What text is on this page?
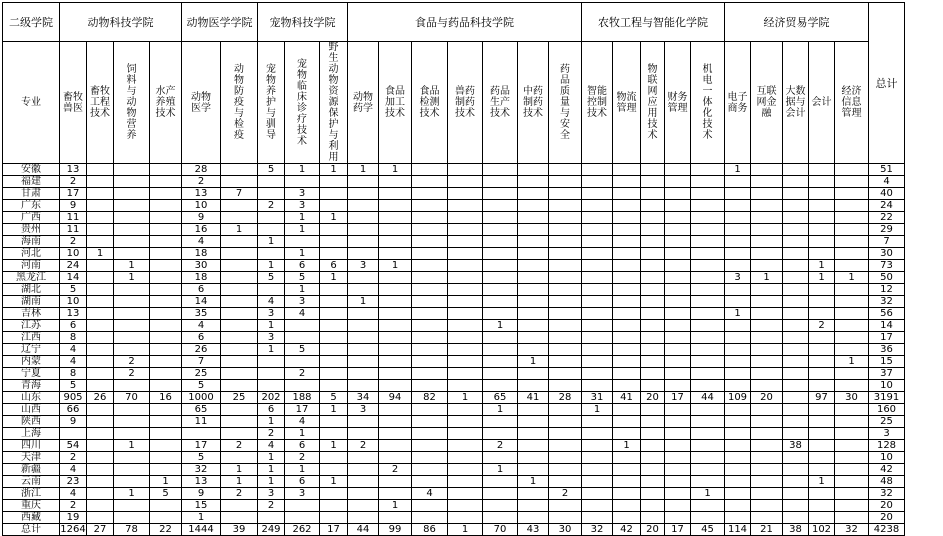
二级学院	动物科技学院				动物医学学院		宠物科技学院			食品与药品科技学院							农牧工程与智能化学院					经济贸易学院					总计
专业	畜牧兽医	畜牧工程技术	饲料与动物营养	水产养殖技术	动物医学	动物防疫与检疫	宠物养护与驯导	宠物临床诊疗技术	野生动物资源保护与利用	动物药学	食品加工技术	食品检测技术	兽药制药技术	药品生产技术	中药制药技术	药品质量与安全	智能控制技术	物流管理	物联网应用技术	财务管理	机电一体化技术	电子商务	互联网金融	大数据与会计	会计	经济信息管理	

安徽	13				28		5	1	1	1	1											1					51
福建	2				2																						4
甘肃	17				13	7		3																			40
广东	9				10		2	3																			24
广西	11				9			1	1																		22
贵州	11				16	1		1																			29
海南	2				4		1																				7
河北	10	1			18			1																			30
河南	24		1		30		1	6	6	3	1														1		73
黑龙江	14		1		18		5	5	1													3	1		1	1	50
湖北	5				6			1																			12
湖南	10				14		4	3		1																	32
吉林	13				35		3	4														1					56
江苏	6				4		1							1											2		14
江西	8				6		3																				17
辽宁	4				26		1	5																			36
内蒙	4		2		7										1											1	15
宁夏	8		2		25			2																			37
青海	5				5																						10
山东	905	26	70	16	1000	25	202	188	5	34	94	82	1	65	41	28	31	41	20	17	44	109	20		97	30	3191
山西	66				65		6	17	1	3				1			1										160
陕西	9				11		1	4																			25
上海							2	1																			3
四川	54		1		17	2	4	6	1	2				2				1						38			128
天津	2				5		1	2																			10
新疆	4				32	1	1	1			2			1													42
云南	23			1	13	1	1	6	1						1										1		48
浙江	4		1	5	9	2	3	3				4				2					1						32
重庆	2				15		2				1																20
西藏	19				1																						20
总计	1264	27	78	22	1444	39	249	262	17	44	99	86	1	70	43	30	32	42	20	17	45	114	21	38	102	32	4238
